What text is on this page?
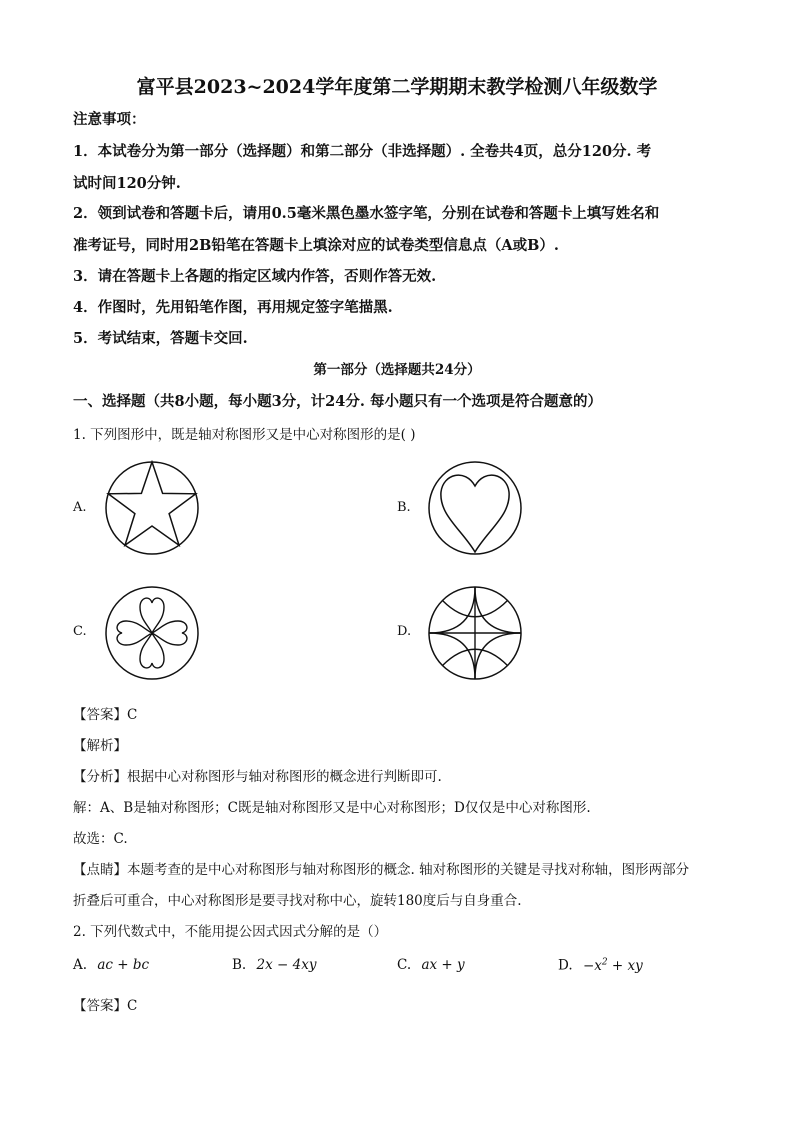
富平县2023~2024学年度第二学期期末教学检测八年级数学
注意事项：
1．本试卷分为第一部分（选择题）和第二部分（非选择题）. 全卷共4页，总分120分. 考
试时间120分钟.
2．领到试卷和答题卡后，请用0.5毫米黑色墨水签字笔，分别在试卷和答题卡上填写姓名和
准考证号，同时用2B铅笔在答题卡上填涂对应的试卷类型信息点（A或B）.
3．请在答题卡上各题的指定区域内作答，否则作答无效.
4．作图时，先用铅笔作图，再用规定签字笔描黑.
5．考试结束，答题卡交回.
第一部分（选择题共24分）
一、选择题（共8小题，每小题3分，计24分. 每小题只有一个选项是符合题意的）
1. 下列图形中，既是轴对称图形又是中心对称图形的是( )
A.	B.
C.	D.
【答案】C
【解析】
【分析】根据中心对称图形与轴对称图形的概念进行判断即可.
解：A、B是轴对称图形；C既是轴对称图形又是中心对称图形；D仅仅是中心对称图形.
故选：C.
【点睛】本题考查的是中心对称图形与轴对称图形的概念. 轴对称图形的关键是寻找对称轴，图形两部分
折叠后可重合，中心对称图形是要寻找对称中心，旋转180度后与自身重合.
2. 下列代数式中，不能用提公因式因式分解的是（）
A. ac + bc	B. 2x − 4xy	C. ax + y	D. $-x^2$ + xy
【答案】C
